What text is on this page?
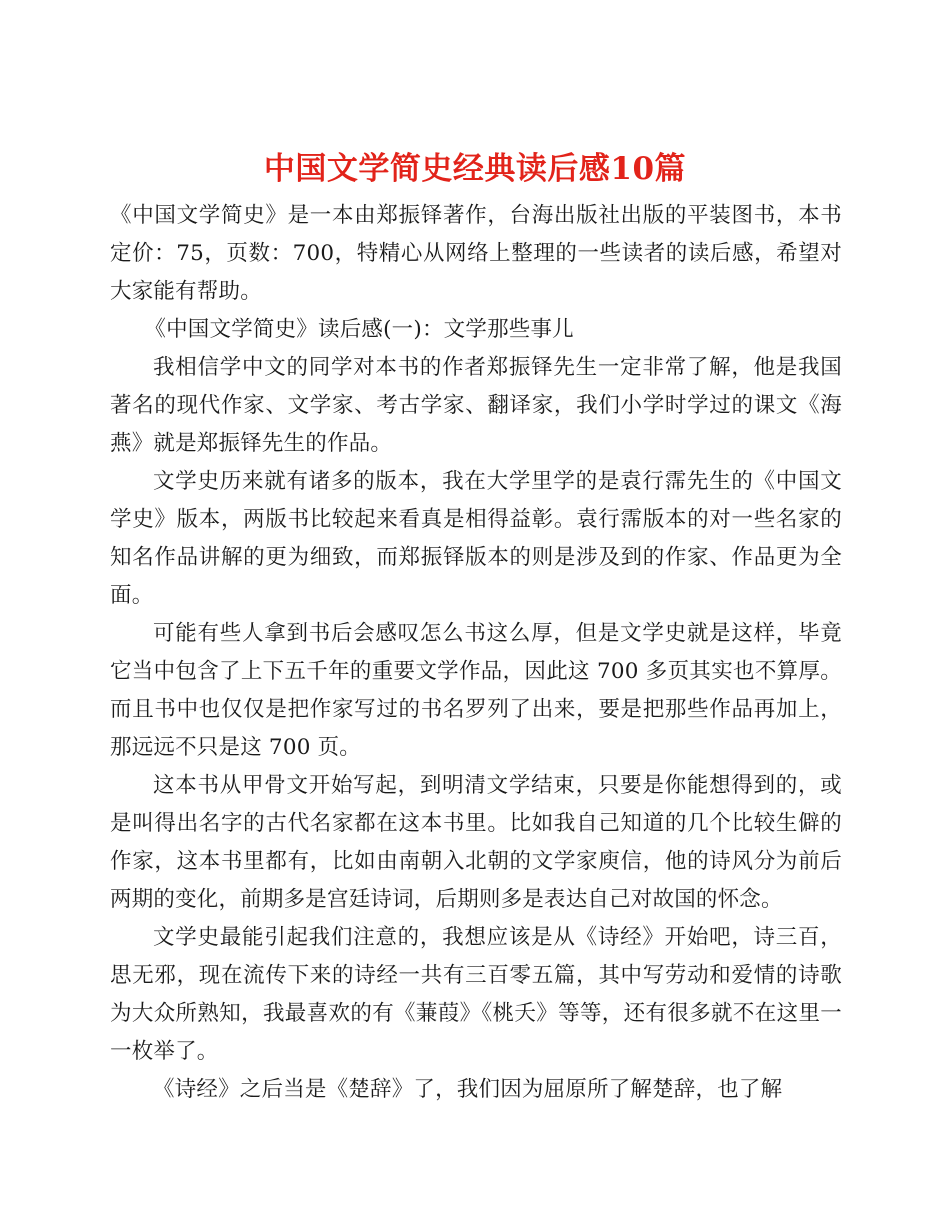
中国文学简史经典读后感10篇

《中国文学简史》是一本由郑振铎著作，台海出版社出版的平装图书，本书定价：75，页数：700，特精心从网络上整理的一些读者的读后感，希望对大家能有帮助。

《中国文学简史》读后感(一)：文学那些事儿

我相信学中文的同学对本书的作者郑振铎先生一定非常了解，他是我国著名的现代作家、文学家、考古学家、翻译家，我们小学时学过的课文《海燕》就是郑振铎先生的作品。

文学史历来就有诸多的版本，我在大学里学的是袁行霈先生的《中国文学史》版本，两版书比较起来看真是相得益彰。袁行霈版本的对一些名家的知名作品讲解的更为细致，而郑振铎版本的则是涉及到的作家、作品更为全面。

可能有些人拿到书后会感叹怎么书这么厚，但是文学史就是这样，毕竟它当中包含了上下五千年的重要文学作品，因此这 700 多页其实也不算厚。而且书中也仅仅是把作家写过的书名罗列了出来，要是把那些作品再加上，那远远不只是这 700 页。

这本书从甲骨文开始写起，到明清文学结束，只要是你能想得到的，或是叫得出名字的古代名家都在这本书里。比如我自己知道的几个比较生僻的作家，这本书里都有，比如由南朝入北朝的文学家庾信，他的诗风分为前后两期的变化，前期多是宫廷诗词，后期则多是表达自己对故国的怀念。

文学史最能引起我们注意的，我想应该是从《诗经》开始吧，诗三百，思无邪，现在流传下来的诗经一共有三百零五篇，其中写劳动和爱情的诗歌为大众所熟知，我最喜欢的有《蒹葭》《桃夭》等等，还有很多就不在这里一一枚举了。

《诗经》之后当是《楚辞》了，我们因为屈原所了解楚辞，也了解
